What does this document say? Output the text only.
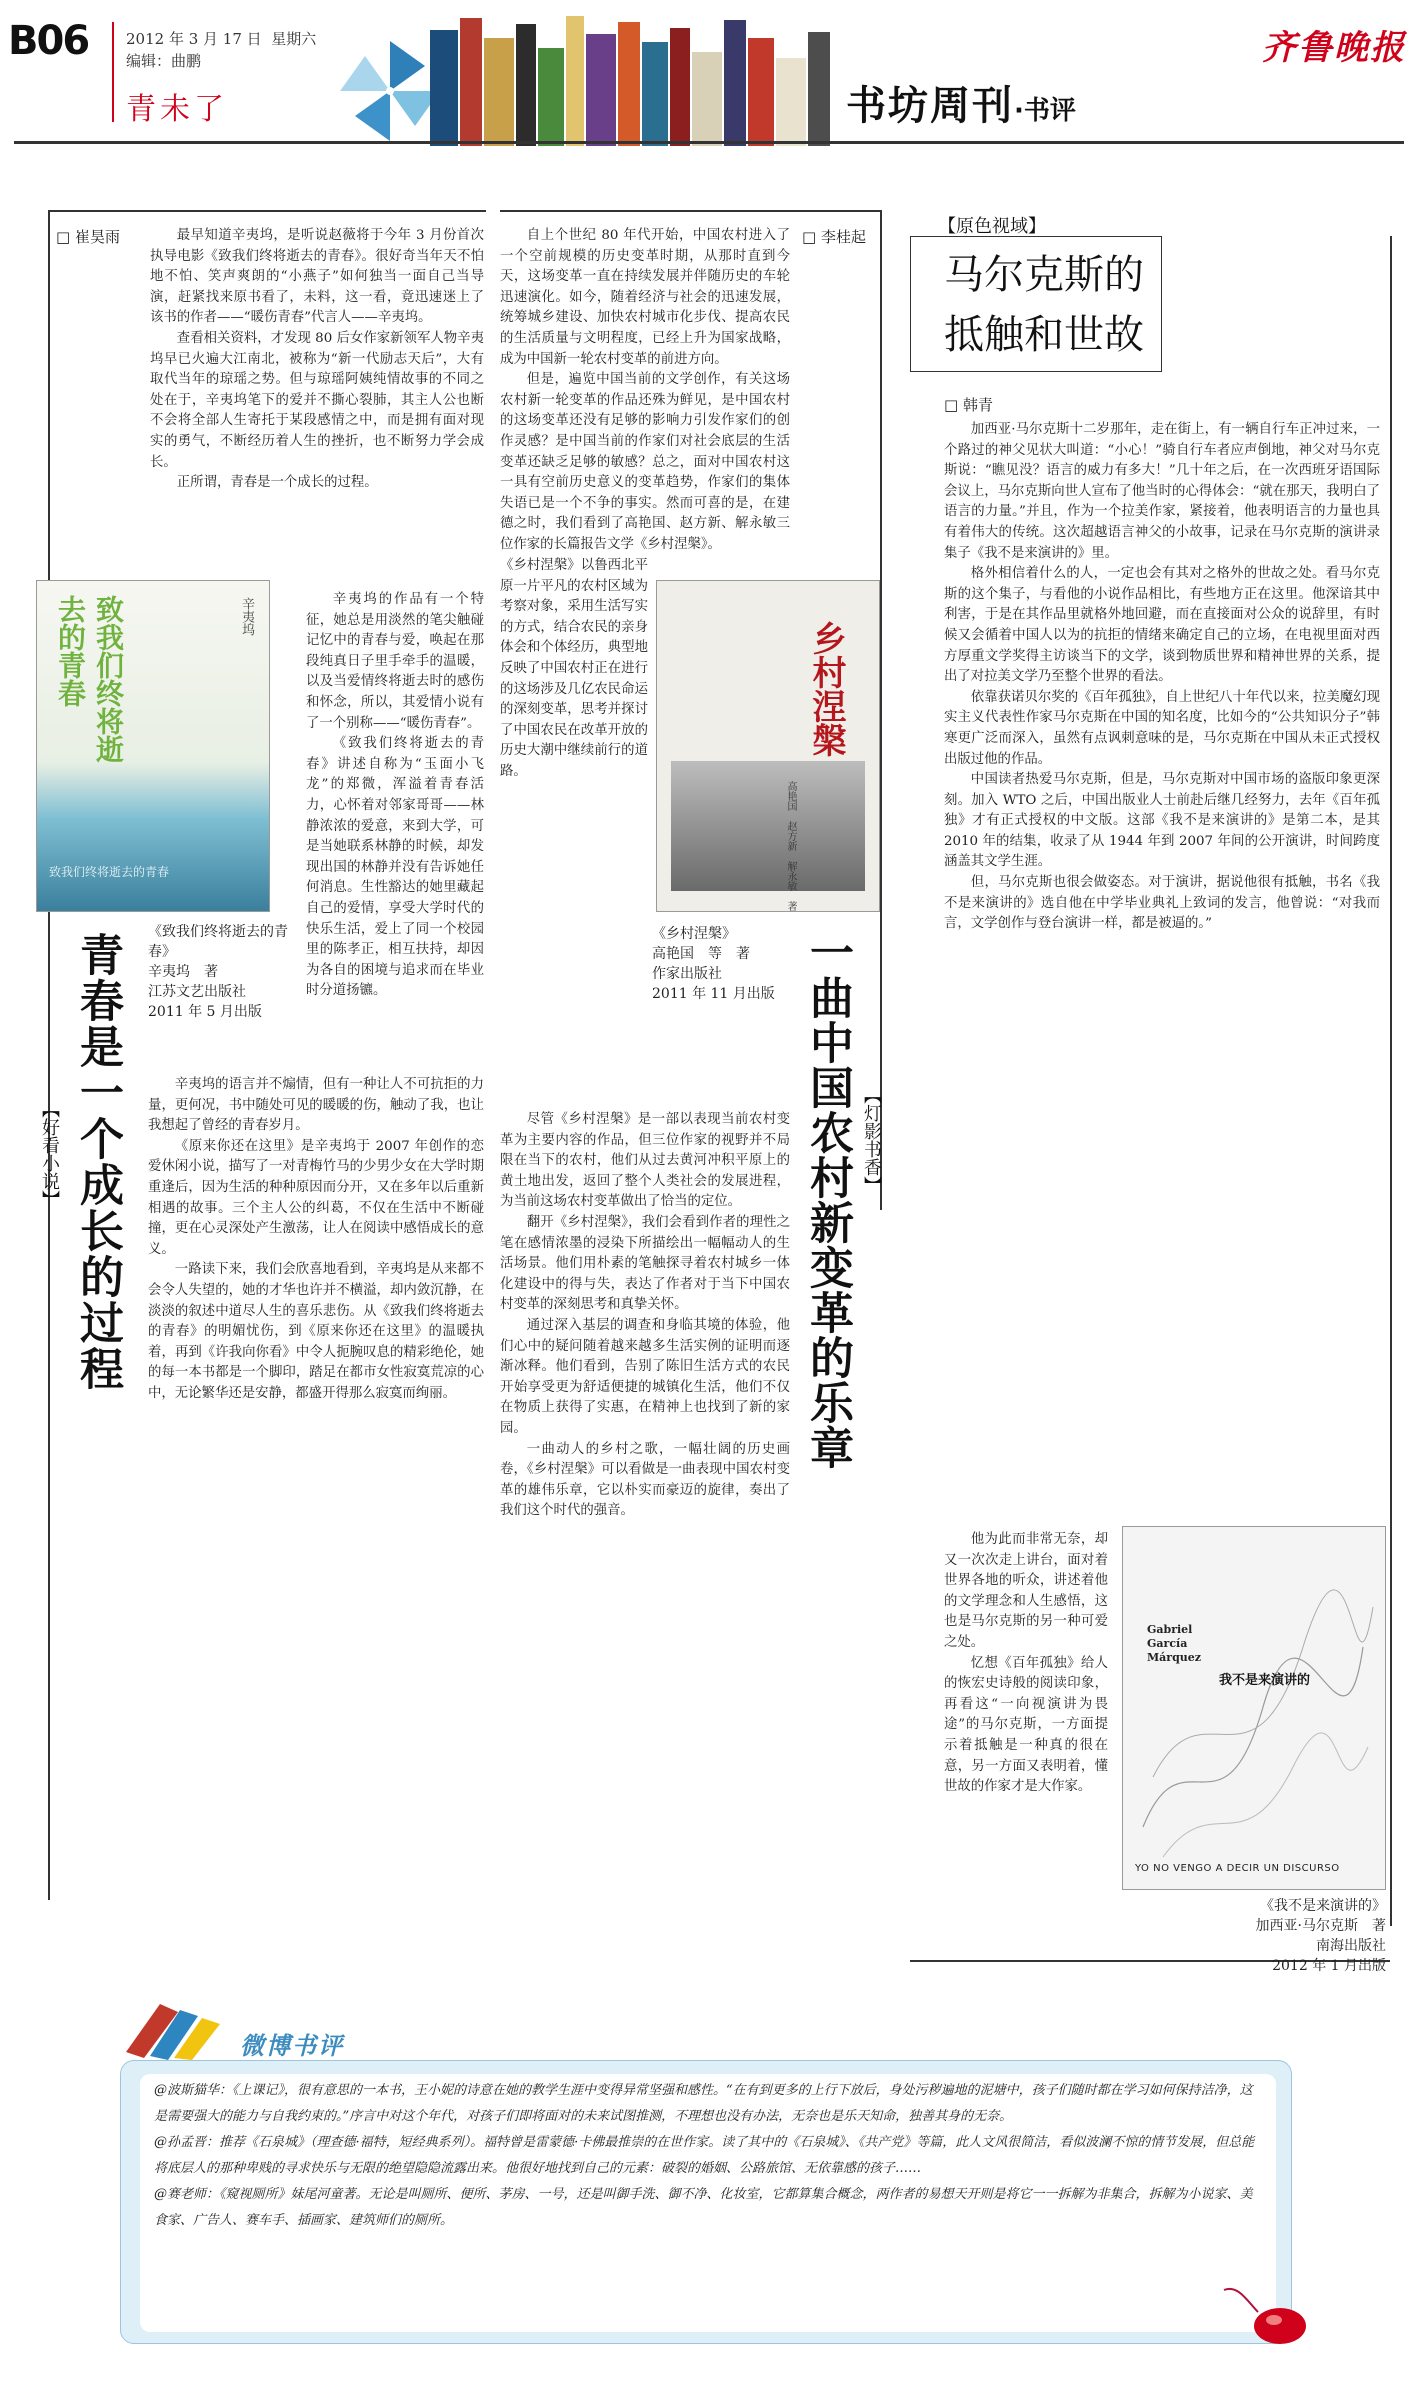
B06	2012 年 3 月 17 日 星期六
编辑：曲鹏
青未了	书坊周刊·书评
齐鲁晚报
□ 崔昊雨	最早知道辛夷坞，是听说赵薇将于今年 3 月份首次执导电影《致我们终将逝去的青春》。很好奇当年天不怕地不怕、笑声爽朗的“小燕子”如何独当一面自己当导演，赶紧找来原书看了，未料，这一看，竟迅速迷上了该书的作者——“暖伤青春”代言人——辛夷坞。

查看相关资料，才发现 80 后女作家新领军人物辛夷坞早已火遍大江南北，被称为“新一代励志天后”，大有取代当年的琼瑶之势。但与琼瑶阿姨纯情故事的不同之处在于，辛夷坞笔下的爱并不撕心裂肺，其主人公也断不会将全部人生寄托于某段感情之中，而是拥有面对现实的勇气，不断经历着人生的挫折，也不断努力学会成长。

正所谓，青春是一个成长的过程。

致我们终将逝去的青春	辛夷坞
致我们终将逝去的青春

辛夷坞的作品有一个特征，她总是用淡然的笔尖触碰记忆中的青春与爱，唤起在那段纯真日子里手牵手的温暖，以及当爱情终将逝去时的感伤和怀念，所以，其爱情小说有了一个别称——“暖伤青春”。

《致我们终将逝去的青春》讲述自称为“玉面小飞龙”的郑微，浑溢着青春活力，心怀着对邻家哥哥——林静浓浓的爱意，来到大学，可是当她联系林静的时候，却发现出国的林静并没有告诉她任何消息。生性豁达的她里藏起自己的爱情，享受大学时代的快乐生活，爱上了同一个校园里的陈孝正，相互扶持，却因为各自的困境与追求而在毕业时分道扬镳。

《致我们终将逝去的青春》
辛夷坞　著
江苏文艺出版社
2011 年 5 月出版
青春是一个成长的过程
【好看小说】

辛夷坞的语言并不煽情，但有一种让人不可抗拒的力量，更何况，书中随处可见的暖暖的伤，触动了我，也让我想起了曾经的青春岁月。

《原来你还在这里》是辛夷坞于 2007 年创作的恋爱休闲小说，描写了一对青梅竹马的少男少女在大学时期重逢后，因为生活的种种原因而分开，又在多年以后重新相遇的故事。三个主人公的纠葛，不仅在生活中不断碰撞，更在心灵深处产生激荡，让人在阅读中感悟成长的意义。

一路读下来，我们会欣喜地看到，辛夷坞是从来都不会令人失望的，她的才华也许并不横溢，却内敛沉静，在淡淡的叙述中道尽人生的喜乐悲伤。从《致我们终将逝去的青春》的明媚忧伤，到《原来你还在这里》的温暖执着，再到《许我向你看》中令人扼腕叹息的精彩绝伦，她的每一本书都是一个脚印，踏足在都市女性寂寞荒凉的心中，无论繁华还是安静，都盛开得那么寂寞而绚丽。

□ 李桂起

自上个世纪 80 年代开始，中国农村进入了一个空前规模的历史变革时期，从那时直到今天，这场变革一直在持续发展并伴随历史的车轮迅速演化。如今，随着经济与社会的迅速发展，统筹城乡建设、加快农村城市化步伐、提高农民的生活质量与文明程度，已经上升为国家战略，成为中国新一轮农村变革的前进方向。

但是，遍览中国当前的文学创作，有关这场农村新一轮变革的作品还殊为鲜见，是中国农村的这场变革还没有足够的影响力引发作家们的创作灵感？是中国当前的作家们对社会底层的生活变革还缺乏足够的敏感？总之，面对中国农村这一具有空前历史意义的变革趋势，作家们的集体失语已是一个不争的事实。然而可喜的是，在建德之时，我们看到了高艳国、赵方新、解永敏三位作家的长篇报告文学《乡村涅槃》。

《乡村涅槃》以鲁西北平原一片平凡的农村区域为考察对象，采用生活写实的方式，结合农民的亲身体会和个体经历，典型地反映了中国农村正在进行的这场涉及几亿农民命运的深刻变革，思考并探讨了中国农民在改革开放的历史大潮中继续前行的道路。

乡村涅槃
高艳国　赵方新　解永敏　著
《乡村涅槃》
高艳国　等　著
作家出版社
2011 年 11 月出版 一曲中国农村新变革的乐章 【灯影书香】

尽管《乡村涅槃》是一部以表现当前农村变革为主要内容的作品，但三位作家的视野并不局限在当下的农村，他们从过去黄河冲积平原上的黄土地出发，返回了整个人类社会的发展进程，为当前这场农村变革做出了恰当的定位。

翻开《乡村涅槃》，我们会看到作者的理性之笔在感情浓墨的浸染下所描绘出一幅幅动人的生活场景。他们用朴素的笔触探寻着农村城乡一体化建设中的得与失，表达了作者对于当下中国农村变革的深刻思考和真挚关怀。

通过深入基层的调查和身临其境的体验，他们心中的疑问随着越来越多生活实例的证明而逐渐冰释。他们看到，告别了陈旧生活方式的农民开始享受更为舒适便捷的城镇化生活，他们不仅在物质上获得了实惠，在精神上也找到了新的家园。

一曲动人的乡村之歌，一幅壮阔的历史画卷，《乡村涅槃》可以看做是一曲表现中国农村变革的雄伟乐章，它以朴实而豪迈的旋律，奏出了我们这个时代的强音。

【原色视域】
马尔克斯的
抵触和世故
□ 韩青

加西亚·马尔克斯十二岁那年，走在街上，有一辆自行车正冲过来，一个路过的神父见状大叫道：“小心！”骑自行车者应声倒地，神父对马尔克斯说：“瞧见没？语言的威力有多大！”几十年之后，在一次西班牙语国际会议上，马尔克斯向世人宣布了他当时的心得体会：“就在那天，我明白了语言的力量。”并且，作为一个拉美作家，紧接着，他表明语言的力量也具有着伟大的传统。这次超越语言神父的小故事，记录在马尔克斯的演讲录集子《我不是来演讲的》里。

格外相信着什么的人，一定也会有其对之格外的世故之处。看马尔克斯的这个集子，与看他的小说作品相比，有些地方正在这里。他深谙其中利害，于是在其作品里就格外地回避，而在直接面对公众的说辞里，有时候又会循着中国人以为的抗拒的情绪来确定自己的立场，在电视里面对西方厚重文学奖得主访谈当下的文学，谈到物质世界和精神世界的关系，提出了对拉美文学乃至整个世界的看法。

依靠获诺贝尔奖的《百年孤独》，自上世纪八十年代以来，拉美魔幻现实主义代表性作家马尔克斯在中国的知名度，比如今的“公共知识分子”韩寒更广泛而深入，虽然有点讽刺意味的是，马尔克斯在中国从未正式授权出版过他的作品。

中国读者热爱马尔克斯，但是，马尔克斯对中国市场的盗版印象更深刻。加入 WTO 之后，中国出版业人士前赴后继几经努力，去年《百年孤独》才有正式授权的中文版。这部《我不是来演讲的》是第二本，是其 2010 年的结集，收录了从 1944 年到 2007 年间的公开演讲，时间跨度涵盖其文学生涯。

但，马尔克斯也很会做姿态。对于演讲，据说他很有抵触，书名《我不是来演讲的》选自他在中学毕业典礼上致词的发言，他曾说：“对我而言，文学创作与登台演讲一样，都是被逼的。”

他为此而非常无奈，却又一次次走上讲台，面对着世界各地的听众，讲述着他的文学理念和人生感悟，这也是马尔克斯的另一种可爱之处。

忆想《百年孤独》给人的恢宏史诗般的阅读印象，再看这“一向视演讲为畏途”的马尔克斯，一方面提示着抵触是一种真的很在意，另一方面又表明着，懂世故的作家才是大作家。

Gabriel García Márquez
我不是来演讲的
YO NO VENGO A DECIR UN DISCURSO
《我不是来演讲的》
加西亚·马尔克斯　著
南海出版社
2012 年 1 月出版
微博书评

@波斯猫华：《上课记》，很有意思的一本书，王小妮的诗意在她的教学生涯中变得异常坚强和感性。“在有到更多的上行下放后，身处污秽遍地的泥塘中，孩子们随时都在学习如何保持洁净，这是需要强大的能力与自我约束的。”序言中对这个年代，对孩子们即将面对的未来试图推测，不理想也没有办法，无奈也是乐天知命，独善其身的无奈。

@孙孟晋：推荐《石泉城》（理查德·福特，短经典系列）。福特曾是雷蒙德·卡佛最推崇的在世作家。读了其中的《石泉城》、《共产党》等篇，此人文风很简洁，看似波澜不惊的情节发展，但总能将底层人的那种卑贱的寻求快乐与无限的绝望隐隐流露出来。他很好地找到自己的元素：破裂的婚姻、公路旅馆、无依靠感的孩子……

@赛老师：《窥视厕所》妹尾河童著。无论是叫厕所、便所、茅房、一号，还是叫御手洗、御不净、化妆室，它都算集合概念，两作者的易想天开则是将它一一拆解为非集合，拆解为小说家、美食家、广告人、赛车手、插画家、建筑师们的厕所。
